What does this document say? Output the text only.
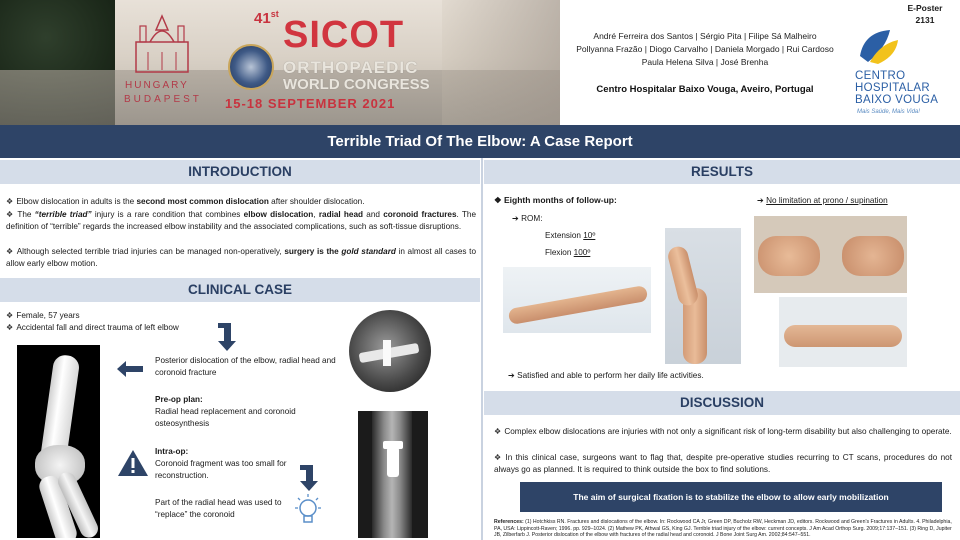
HUNGARY
BUDAPEST
41st SICOT
ORTHOPAEDIC
WORLD CONGRESS
15-18 SEPTEMBER 2021
André Ferreira dos Santos | Sérgio Pita | Filipe Sá Malheiro
Pollyanna Frazão | Diogo Carvalho | Daniela Morgado | Rui Cardoso
Paula Helena Silva | José Brenha
Centro Hospitalar Baixo Vouga, Aveiro, Portugal
E-Poster
2131
CENTRO
HOSPITALAR
BAIXO VOUGA
Mais Saúde, Mais Vida!
Terrible Triad Of The Elbow: A Case Report
INTRODUCTION
❖ Elbow dislocation in adults is the second most common dislocation after shoulder dislocation.
❖ The “terrible triad” injury is a rare condition that combines elbow dislocation, radial head and coronoid fractures. The definition of “terrible” regards the increased elbow instability and the associated complications, such as soft-tissue disruptions.
❖ Although selected terrible triad injuries can be managed non-operatively, surgery is the gold standard in almost all cases to allow early elbow motion.
CLINICAL CASE
❖ Female, 57 years
❖ Accidental fall and direct trauma of left elbow
Posterior dislocation of the elbow, radial head and coronoid fracture
Pre-op plan:
Radial head replacement and coronoid osteosynthesis
Intra-op:
Coronoid fragment was too small for reconstruction.
Part of the radial head was used to “replace” the coronoid
RESULTS
❖ Eighth months of follow-up:
➔ ROM:
Extension 10º
Flexion 100º
➔ No limitation at prono / supination
➔ Satisfied and able to perform her daily life activities.
DISCUSSION
❖ Complex elbow dislocations are injuries with not only a significant risk of long-term disability but also challenging to operate.
❖ In this clinical case, surgeons want to flag that, despite pre-operative studies recurring to CT scans, procedures do not always go as planned. It is required to think outside the box to find solutions.
The aim of surgical fixation is to stabilize the elbow to allow early mobilization
References: (1) Hotchkiss RN. Fractures and dislocations of the elbow. In: Rockwood CA Jr, Green DP, Bucholz RW, Heckman JD, editors. Rockwood and Green's Fractures in Adults. 4. Philadelphia, PA, USA: Lippincott-Raven; 1996. pp. 929–1024. (2) Mathew PK, Athwal GS, King GJ. Terrible triad injury of the elbow: current concepts. J Am Acad Orthop Surg. 2009;17:137–151. (3) Ring D, Jupiter JB, Zilberfarb J. Posterior dislocation of the elbow with fractures of the radial head and coronoid. J Bone Joint Surg Am. 2002;84:547–551.
